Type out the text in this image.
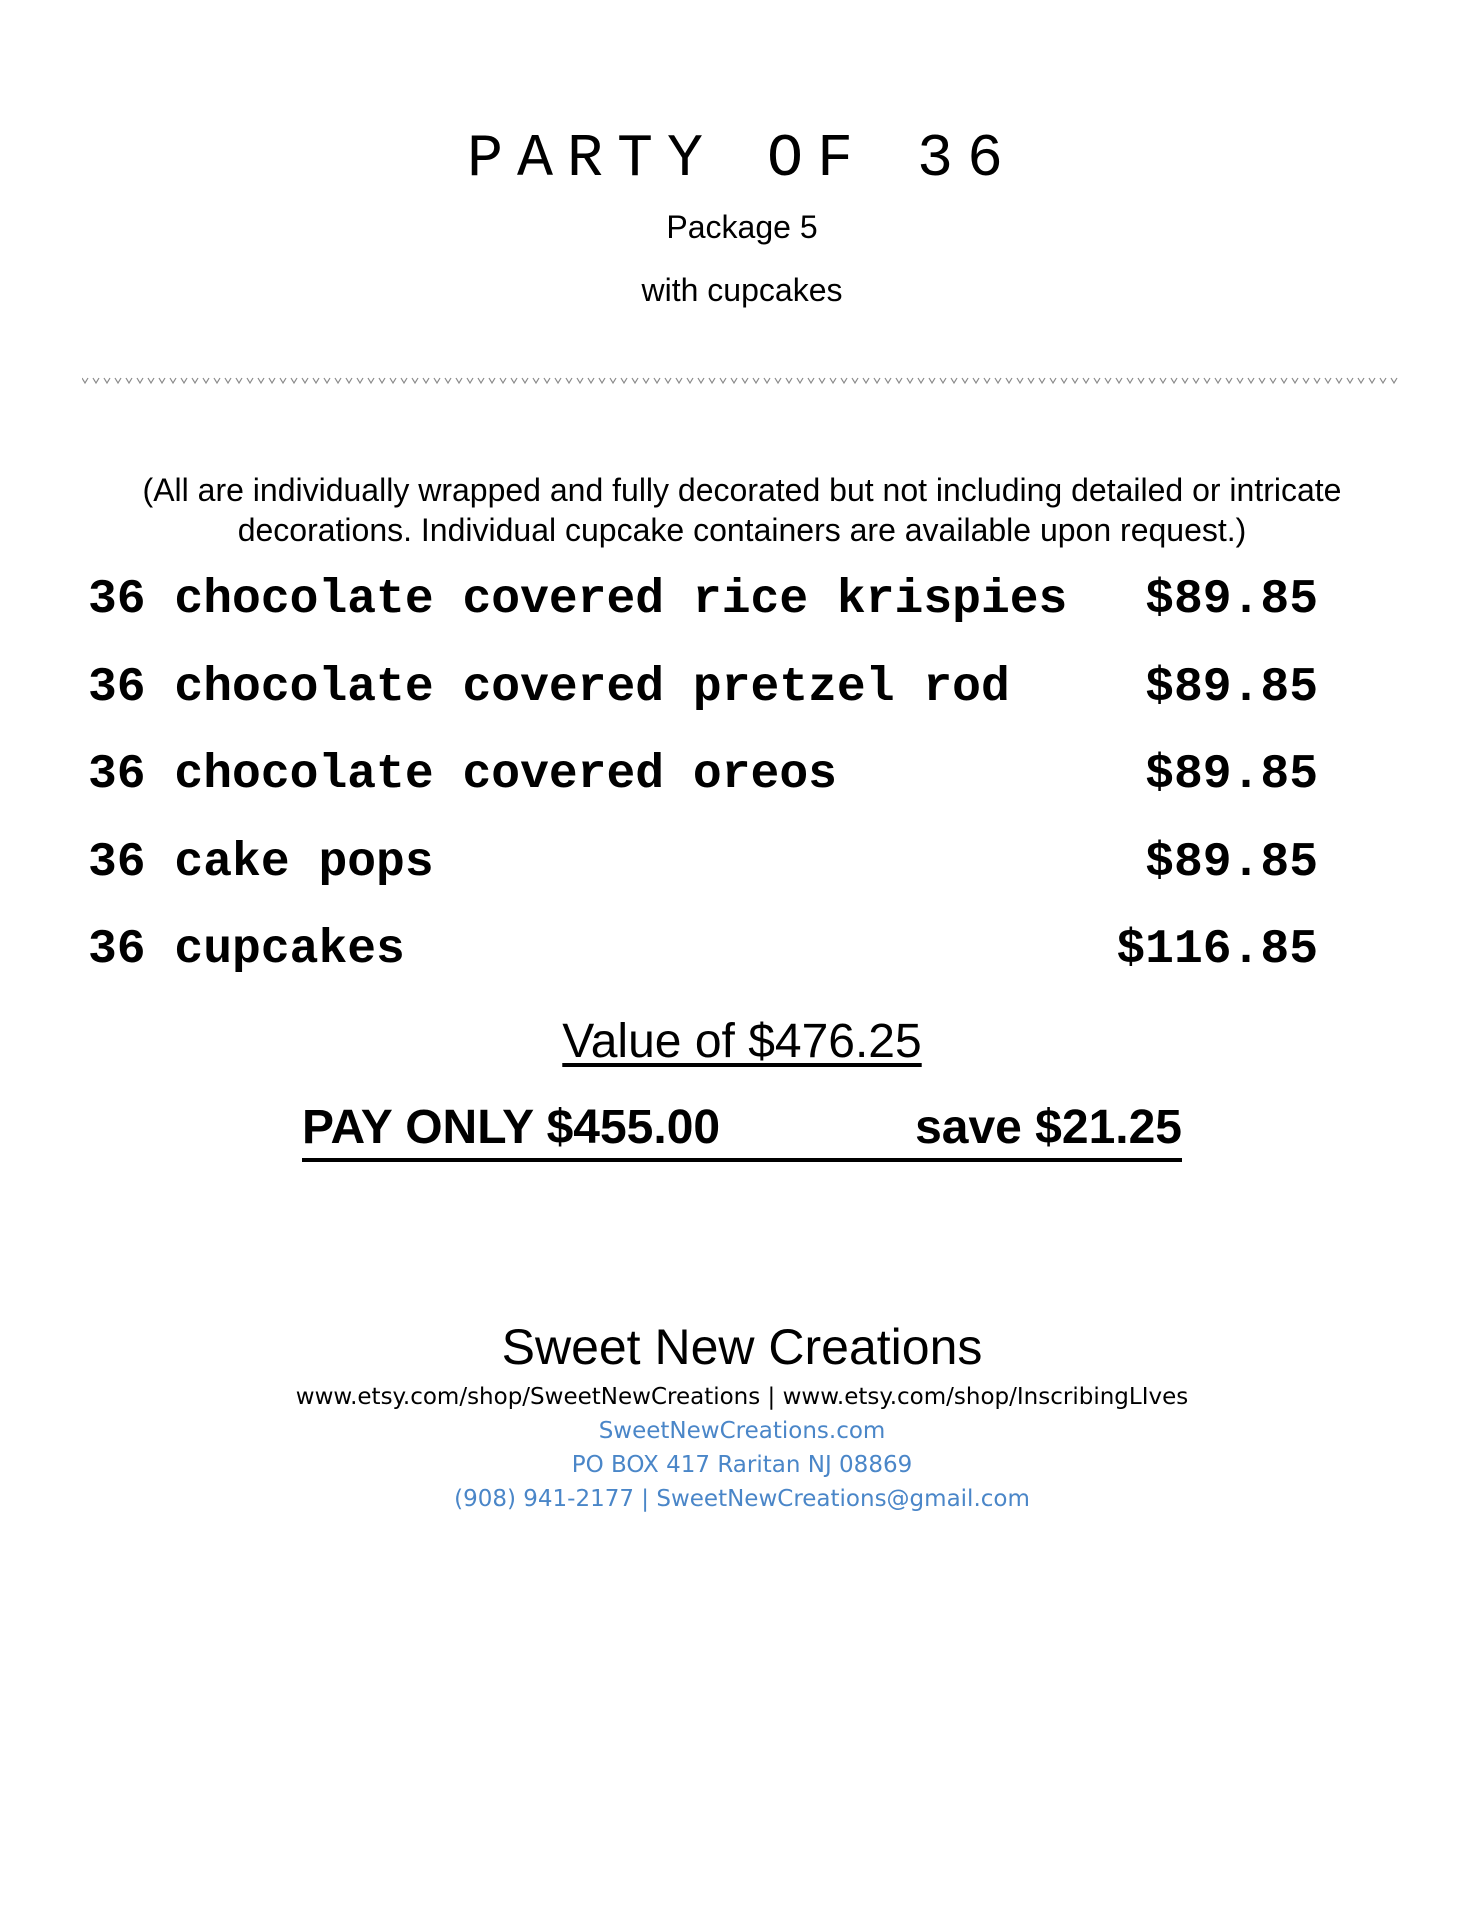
PARTY OF 36
Package 5
with cupcakes
(All are individually wrapped and fully decorated but not including detailed or intricate decorations. Individual cupcake containers are available upon request.)
36 chocolate covered rice krispies $89.85
36 chocolate covered pretzel rod	$89.85
36 chocolate covered oreos	$89.85
36 cake pops	$89.85
36 cupcakes	$116.85
Value of $476.25
PAY ONLY $455.00	save $21.25
Sweet New Creations
www.etsy.com/shop/SweetNewCreations | www.etsy.com/shop/InscribingLIves
SweetNewCreations.com
PO BOX 417 Raritan NJ 08869
(908) 941-2177 | SweetNewCreations@gmail.com
